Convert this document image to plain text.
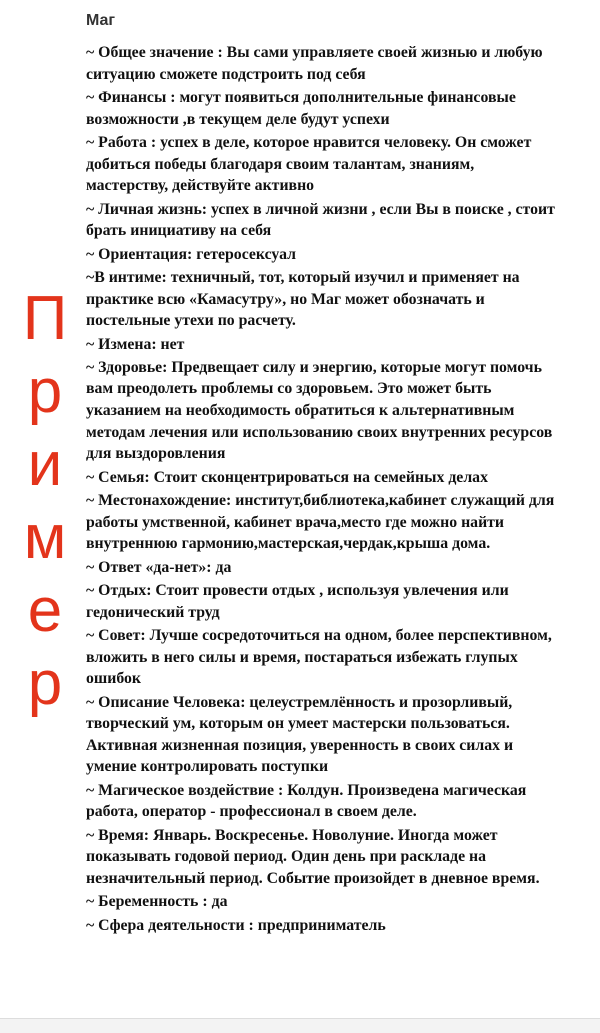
Маг
П
р
и
м
е
р
~ Общее значение : Вы сами управляете своей жизнью и любую ситуацию сможете подстроить под себя
~ Финансы : могут появиться дополнительные финансовые возможности ,в текущем деле будут успехи
~ Работа : успех в деле, которое нравится человеку. Он сможет добиться победы благодаря своим талантам, знаниям, мастерству, действуйте активно
~ Личная жизнь: успех в личной жизни , если Вы в поиске , стоит брать инициативу на себя
~ Ориентация: гетеросексуал
~В интиме: техничный, тот, который изучил и применяет на практике всю «Камасутру», но Маг может обозначать и постельные утехи по расчету.
~ Измена: нет
~ Здоровье: Предвещает силу и энергию, которые могут помочь вам преодолеть проблемы со здоровьем. Это может быть указанием на необходимость обратиться к альтернативным методам лечения или использованию своих внутренних ресурсов для выздоровления
~ Семья: Стоит сконцентрироваться на семейных делах
~ Местонахождение: институт,библиотека,кабинет служащий для работы умственной, кабинет врача,место где можно найти внутреннюю гармонию,мастерская,чердак,крыша дома.
~ Ответ «да-нет»: да
~ Отдых: Стоит провести отдых , используя увлечения или гедонический труд
~ Совет: Лучше сосредоточиться на одном, более перспективном, вложить в него силы и время, постараться избежать глупых ошибок
~ Описание Человека: целеустремлённость и прозорливый, творческий ум, которым он умеет мастерски пользоваться. Активная жизненная позиция, уверенность в своих силах и умение контролировать поступки
~ Магическое воздействие : Колдун. Произведена магическая работа, оператор - профессионал в своем деле.
~ Время: Январь. Воскресенье. Новолуние. Иногда может показывать годовой период. Один день при раскладе на незначительный период. Событие произойдет в дневное время.
~ Беременность : да
~ Сфера деятельности : предприниматель
